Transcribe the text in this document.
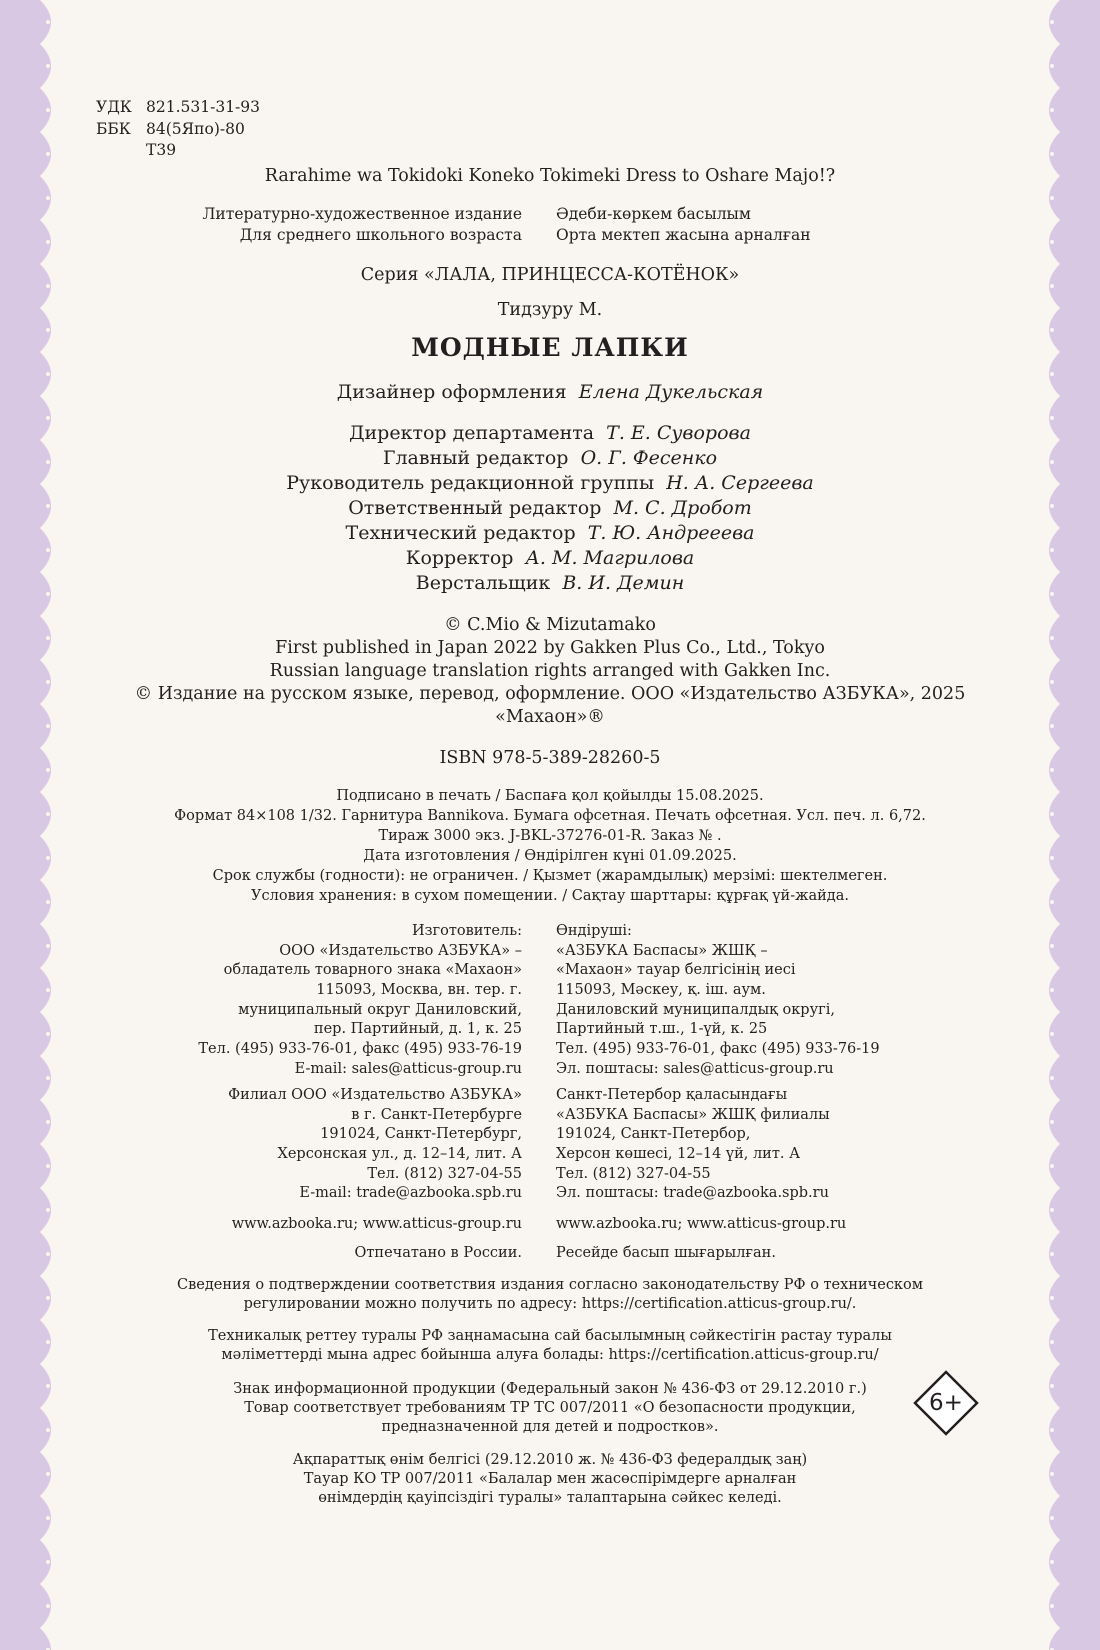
УДК 821.531-31-93
ББК 84(5Япо)-80
Т39
Rarahime wa Tokidoki Koneko Tokimeki Dress to Oshare Majo!?
Литературно-художественное издание
Для среднего школьного возраста
Әдеби-көркем басылым
Орта мектеп жасына арналған
Серия «ЛАЛА, ПРИНЦЕССА-КОТЁНОК»
Тидзуру М.
МОДНЫЕ ЛАПКИ
Дизайнер оформления Елена Дукельская
Директор департамента Т. Е. Суворова
Главный редактор О. Г. Фесенко
Руководитель редакционной группы Н. А. Сергеева
Ответственный редактор М. С. Дробот
Технический редактор Т. Ю. Андреeева
Корректор А. М. Магрилова
Верстальщик В. И. Демин
© C.Mio & Mizutamako
First published in Japan 2022 by Gakken Plus Co., Ltd., Tokyo
Russian language translation rights arranged with Gakken Inc.
© Издание на русском языке, перевод, оформление. ООО «Издательство АЗБУКА», 2025
«Махаон»®
ISBN 978-5-389-28260-5
Подписано в печать / Баспаға қол қойылды 15.08.2025.
Формат 84×108 1/32. Гарнитура Bannikova. Бумага офсетная. Печать офсетная. Усл. печ. л. 6,72.
Тираж 3000 экз. J-BKL-37276-01-R. Заказ № .
Дата изготовления / Өндірілген күні 01.09.2025.
Срок службы (годности): не ограничен. / Қызмет (жарамдылық) мерзімі: шектелмеген.
Условия хранения: в сухом помещении. / Сақтау шарттары: құрғақ үй-жайда.
Изготовитель:
ООО «Издательство АЗБУКА» –
обладатель товарного знака «Махаон»
115093, Москва, вн. тер. г.
муниципальный округ Даниловский,
пер. Партийный, д. 1, к. 25
Тел. (495) 933-76-01, факс (495) 933-76-19
E-mail: sales@atticus-group.ru
Өндіруші:
«АЗБУКА Баспасы» ЖШҚ –
«Махаон» тауар белгісінің иесі
115093, Мәскеу, қ. іш. аум.
Даниловский муниципалдық округі,
Партийный т.ш., 1-үй, к. 25
Тел. (495) 933-76-01, факс (495) 933-76-19
Эл. поштасы: sales@atticus-group.ru
Филиал ООО «Издательство АЗБУКА»
в г. Санкт-Петербурге
191024, Санкт-Петербург,
Херсонская ул., д. 12–14, лит. А
Тел. (812) 327-04-55
E-mail: trade@azbooka.spb.ru
Санкт-Петербор қаласындағы
«АЗБУКА Баспасы» ЖШҚ филиалы
191024, Санкт-Петербор,
Херсон көшесі, 12–14 үй, лит. А
Тел. (812) 327-04-55
Эл. поштасы: trade@azbooka.spb.ru
www.azbooka.ru; www.atticus-group.ru www.azbooka.ru; www.atticus-group.ru
Отпечатано в России. Ресейде басып шығарылған.
Сведения о подтверждении соответствия издания согласно законодательству РФ о техническом
регулировании можно получить по адресу: https://certification.atticus-group.ru/.
Техникалық реттеу туралы РФ заңнамасына сай басылымның сәйкестігін растау туралы
мәліметтерді мына адрес бойынша алуға болады: https://certification.atticus-group.ru/
Знак информационной продукции (Федеральный закон № 436-ФЗ от 29.12.2010 г.)
Товар соответствует требованиям ТР ТС 007/2011 «О безопасности продукции,
предназначенной для детей и подростков».
Ақпараттық өнім белгісі (29.12.2010 ж. № 436-ФЗ федералдық заң)
Тауар КО ТР 007/2011 «Балалар мен жасөспірімдерге арналған
өнімдердің қауіпсіздігі туралы» талаптарына сәйкес келеді.
6+
